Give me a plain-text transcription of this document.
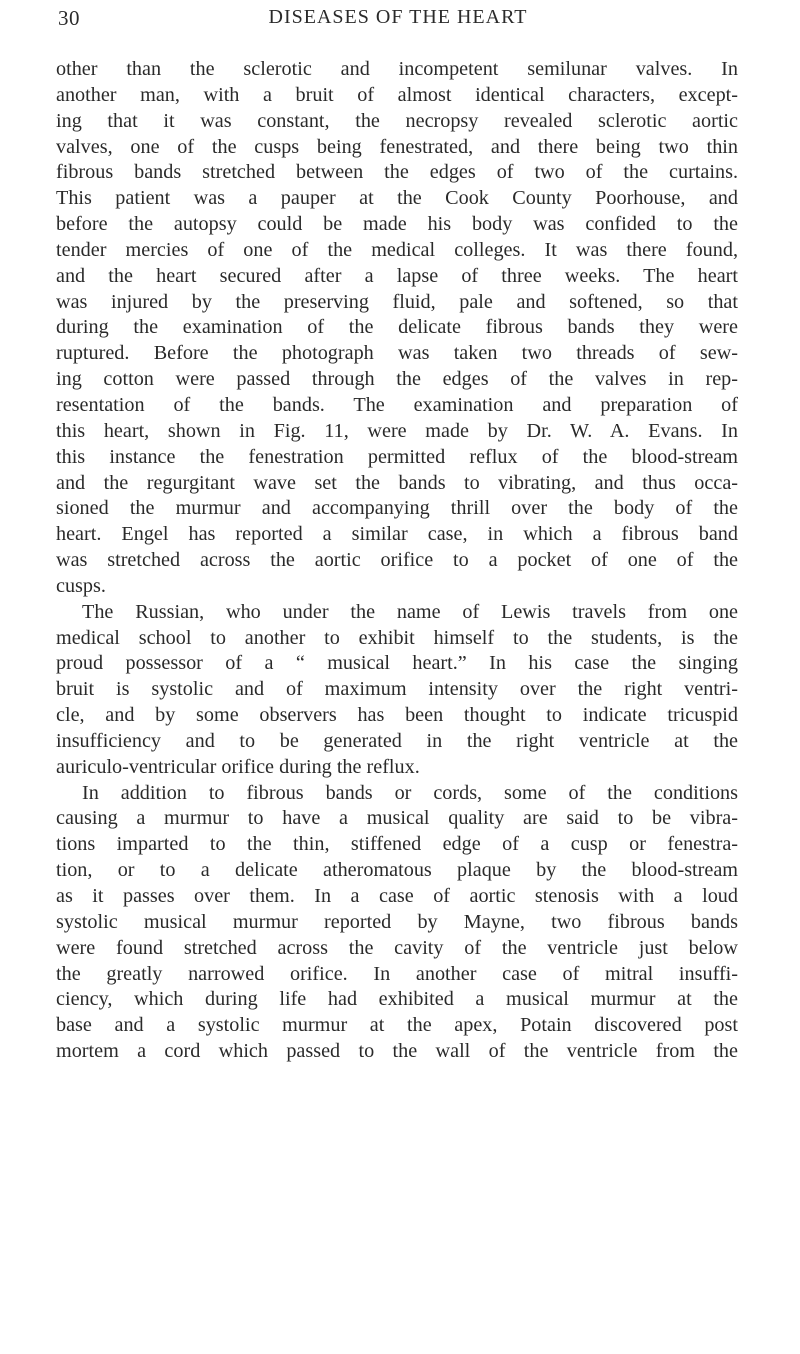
30	DISEASES OF THE HEART
other than the sclerotic and incompetent semilunar valves. In
another man, with a bruit of almost identical characters, except-
ing that it was constant, the necropsy revealed sclerotic aortic
valves, one of the cusps being fenestrated, and there being two thin
fibrous bands stretched between the edges of two of the curtains.
This patient was a pauper at the Cook County Poorhouse, and
before the autopsy could be made his body was confided to the
tender mercies of one of the medical colleges. It was there found,
and the heart secured after a lapse of three weeks. The heart
was injured by the preserving fluid, pale and softened, so that
during the examination of the delicate fibrous bands they were
ruptured. Before the photograph was taken two threads of sew-
ing cotton were passed through the edges of the valves in rep-
resentation of the bands. The examination and preparation of
this heart, shown in Fig. 11, were made by Dr. W. A. Evans. In
this instance the fenestration permitted reflux of the blood-stream
and the regurgitant wave set the bands to vibrating, and thus occa-
sioned the murmur and accompanying thrill over the body of the
heart. Engel has reported a similar case, in which a fibrous band
was stretched across the aortic orifice to a pocket of one of the
cusps.
The Russian, who under the name of Lewis travels from one
medical school to another to exhibit himself to the students, is the
proud possessor of a “ musical heart.” In his case the singing
bruit is systolic and of maximum intensity over the right ventri-
cle, and by some observers has been thought to indicate tricuspid
insufficiency and to be generated in the right ventricle at the
auriculo-ventricular orifice during the reflux.
In addition to fibrous bands or cords, some of the conditions
causing a murmur to have a musical quality are said to be vibra-
tions imparted to the thin, stiffened edge of a cusp or fenestra-
tion, or to a delicate atheromatous plaque by the blood-stream
as it passes over them. In a case of aortic stenosis with a loud
systolic musical murmur reported by Mayne, two fibrous bands
were found stretched across the cavity of the ventricle just below
the greatly narrowed orifice. In another case of mitral insuffi-
ciency, which during life had exhibited a musical murmur at the
base and a systolic murmur at the apex, Potain discovered post
mortem a cord which passed to the wall of the ventricle from the
